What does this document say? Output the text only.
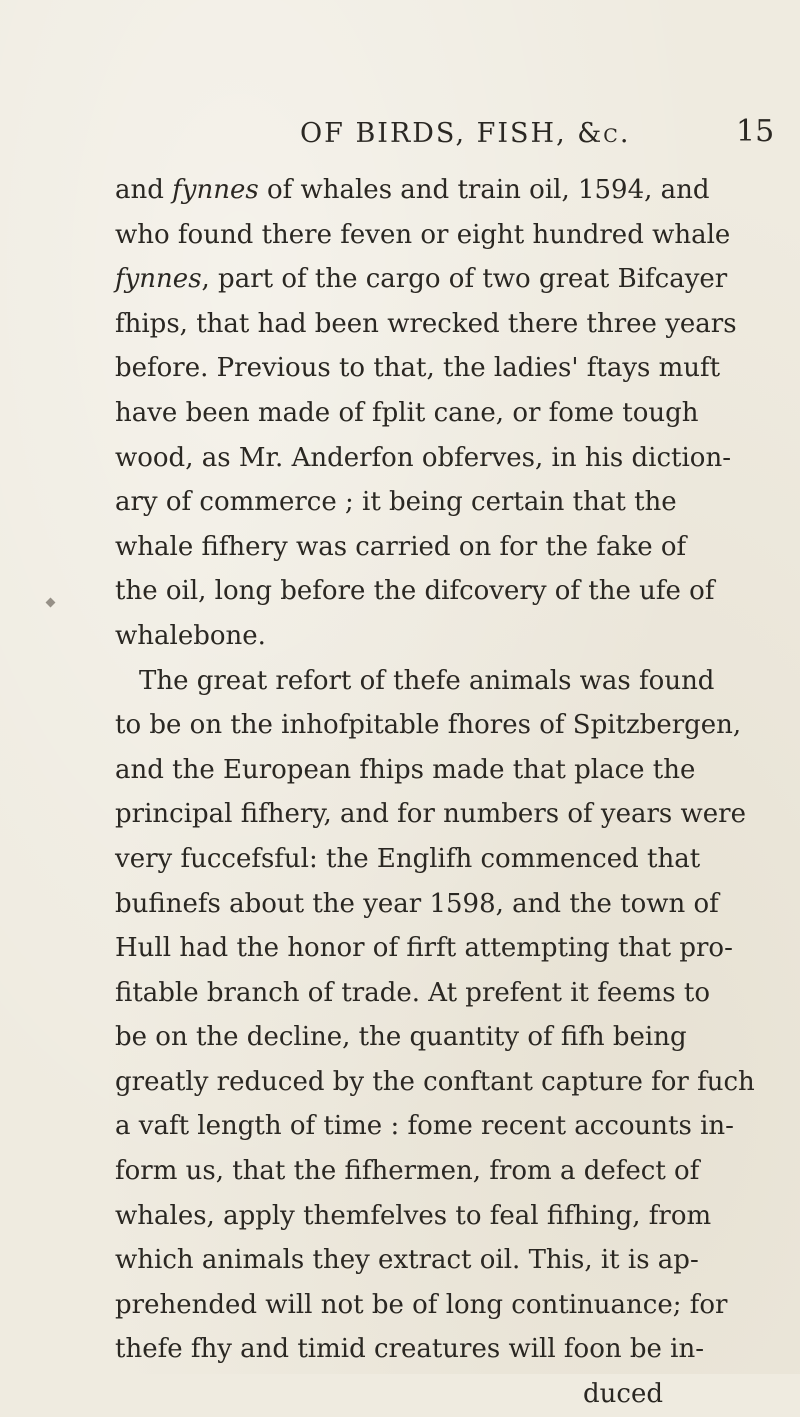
OF BIRDS, FISH, &c.	15
and fynnes of whales and train oil, 1594, and
who found there feven or eight hundred whale
fynnes, part of the cargo of two great Bifcayer
fhips, that had been wrecked there three years
before. Previous to that, the ladies' ftays muft
have been made of fplit cane, or fome tough
wood, as Mr. Anderfon obferves, in his diction-
ary of commerce ; it being certain that the
whale fifhery was carried on for the fake of
the oil, long before the difcovery of the ufe of
whalebone.
The great refort of thefe animals was found
to be on the inhofpitable fhores of Spitzbergen,
and the European fhips made that place the
principal fifhery, and for numbers of years were
very fuccefsful: the Englifh commenced that
bufinefs about the year 1598, and the town of
Hull had the honor of firft attempting that pro-
fitable branch of trade. At prefent it feems to
be on the decline, the quantity of fifh being
greatly reduced by the conftant capture for fuch
a vaft length of time : fome recent accounts in-
form us, that the fifhermen, from a defect of
whales, apply themfelves to feal fifhing, from
which animals they extract oil. This, it is ap-
prehended will not be of long continuance; for
thefe fhy and timid creatures will foon be in-
duced
